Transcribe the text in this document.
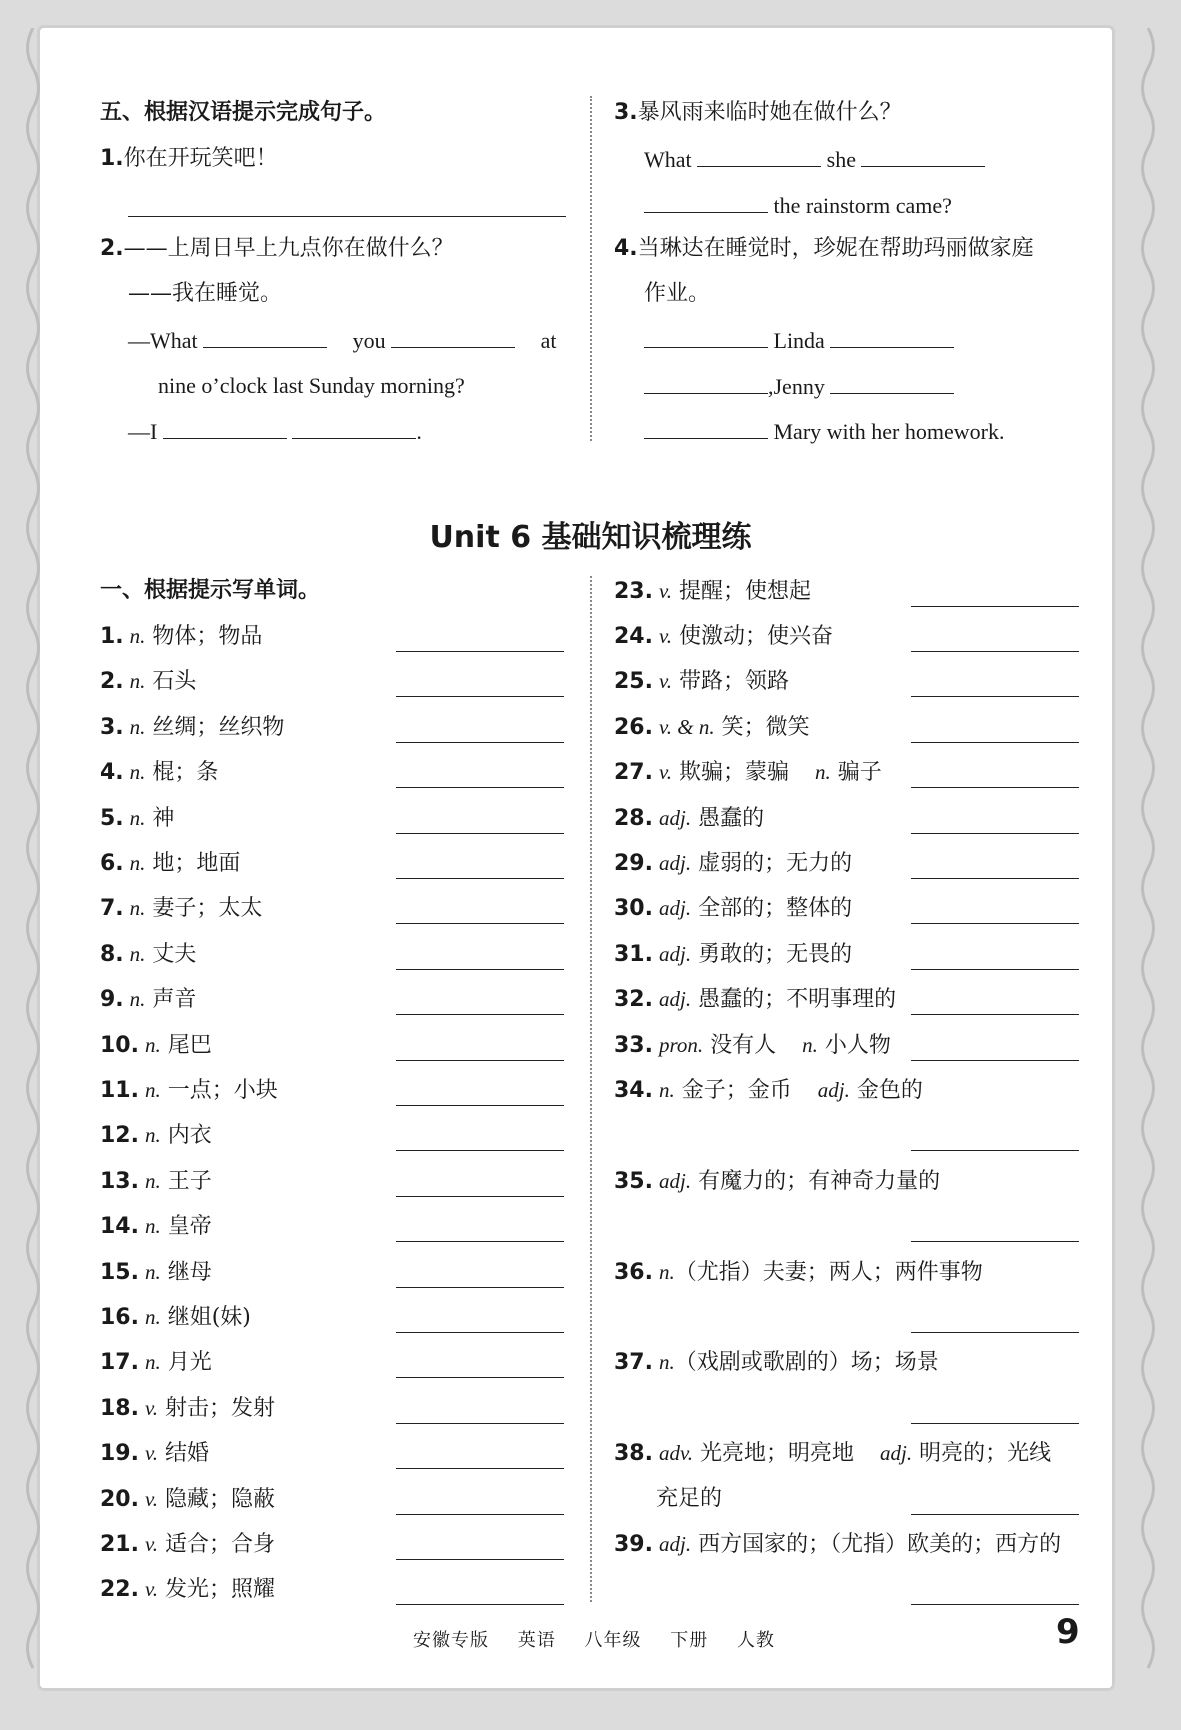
五、根据汉语提示完成句子。
1.你在开玩笑吧！
2.——上周日早上九点你在做什么？
——我在睡觉。
—What	you	at
nine o’clock last Sunday morning?
—I	.
3.暴风雨来临时她在做什么？
What	she
the rainstorm came?
4.当琳达在睡觉时，珍妮在帮助玛丽做家庭
作业。
Linda
,Jenny
Mary with her homework.
Unit 6 基础知识梳理练
一、根据提示写单词。
安徽专版 英语 八年级 下册 人教	9
1. n. 物体；物品
2. n. 石头
3. n. 丝绸；丝织物
4. n. 棍；条
5. n. 神
6. n. 地；地面
7. n. 妻子；太太
8. n. 丈夫
9. n. 声音
10. n. 尾巴
11. n. 一点；小块
12. n. 内衣
13. n. 王子
14. n. 皇帝
15. n. 继母
16. n. 继姐(妹)
17. n. 月光
18. v. 射击；发射
19. v. 结婚
20. v. 隐藏；隐蔽
21. v. 适合；合身
22. v. 发光；照耀
23. v. 提醒；使想起
24. v. 使激动；使兴奋
25. v. 带路；领路
26. v. & n. 笑；微笑
27. v. 欺骗；蒙骗 n. 骗子
28. adj. 愚蠢的
29. adj. 虚弱的；无力的
30. adj. 全部的；整体的
31. adj. 勇敢的；无畏的
32. adj. 愚蠢的；不明事理的
33. pron. 没有人 n. 小人物
34. n. 金子；金币 adj. 金色的
35. adj. 有魔力的；有神奇力量的
36. n.（尤指）夫妻；两人；两件事物
37. n.（戏剧或歌剧的）场；场景
38. adv. 光亮地；明亮地 adj. 明亮的；光线
39. adj. 西方国家的；（尤指）欧美的；西方的
充足的
